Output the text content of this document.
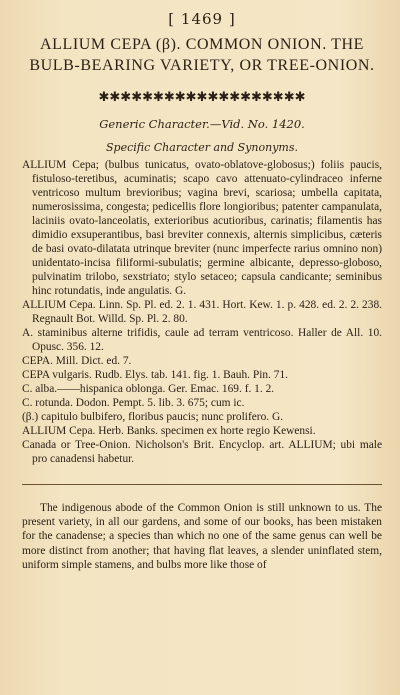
[ 1469 ]
ALLIUM CEPA (β). COMMON ONION. THE
BULB-BEARING VARIETY, OR TREE-ONION.
✱✱✱✱✱✱✱✱✱✱✱✱✱✱✱✱✱✱✱
Generic Character.—Vid. No. 1420.
Specific Character and Synonyms.
ALLIUM Cepa; (bulbus tunicatus, ovato-oblatove-globosus;) foliis paucis, fistuloso-teretibus, acuminatis; scapo cavo attenuato-cylindraceo inferne ventricoso multum brevioribus; vagina brevi, scariosa; umbella capitata, numerosissima, congesta; pedicellis flore longioribus; patenter campanulata, laciniis ovato-lanceolatis, exterioribus acutioribus, carinatis; filamentis has dimidio exsuperantibus, basi breviter connexis, alternis simplicibus, cæteris de basi ovato-dilatata utrinque breviter (nunc imperfecte rarius omnino non) unidentato-incisa filiformi-subulatis; germine albicante, depresso-globoso, pulvinatim trilobo, sexstriato; stylo setaceo; capsula candicante; seminibus hinc rotundatis, inde angulatis. G.
ALLIUM Cepa. Linn. Sp. Pl. ed. 2. 1. 431. Hort. Kew. 1. p. 428. ed. 2. 2. 238. Regnault Bot. Willd. Sp. Pl. 2. 80.
A. staminibus alterne trifidis, caule ad terram ventricoso. Haller de All. 10. Opusc. 356. 12.
CEPA. Mill. Dict. ed. 7.
CEPA vulgaris. Rudb. Elys. tab. 141. fig. 1. Bauh. Pin. 71.
C. alba.——hispanica oblonga. Ger. Emac. 169. f. 1. 2.
C. rotunda. Dodon. Pempt. 5. lib. 3. 675; cum ic.
(β.) capitulo bulbifero, floribus paucis; nunc prolifero. G.
ALLIUM Cepa. Herb. Banks. specimen ex horte regio Kewensi.
Canada or Tree-Onion. Nicholson's Brit. Encyclop. art. ALLIUM; ubi male pro canadensi habetur.

The indigenous abode of the Common Onion is still unknown to us. The present variety, in all our gardens, and some of our books, has been mistaken for the canadense; a species than which no one of the same genus can well be more distinct from another; that having flat leaves, a slender uninflated stem, uniform simple stamens, and bulbs more like those of
